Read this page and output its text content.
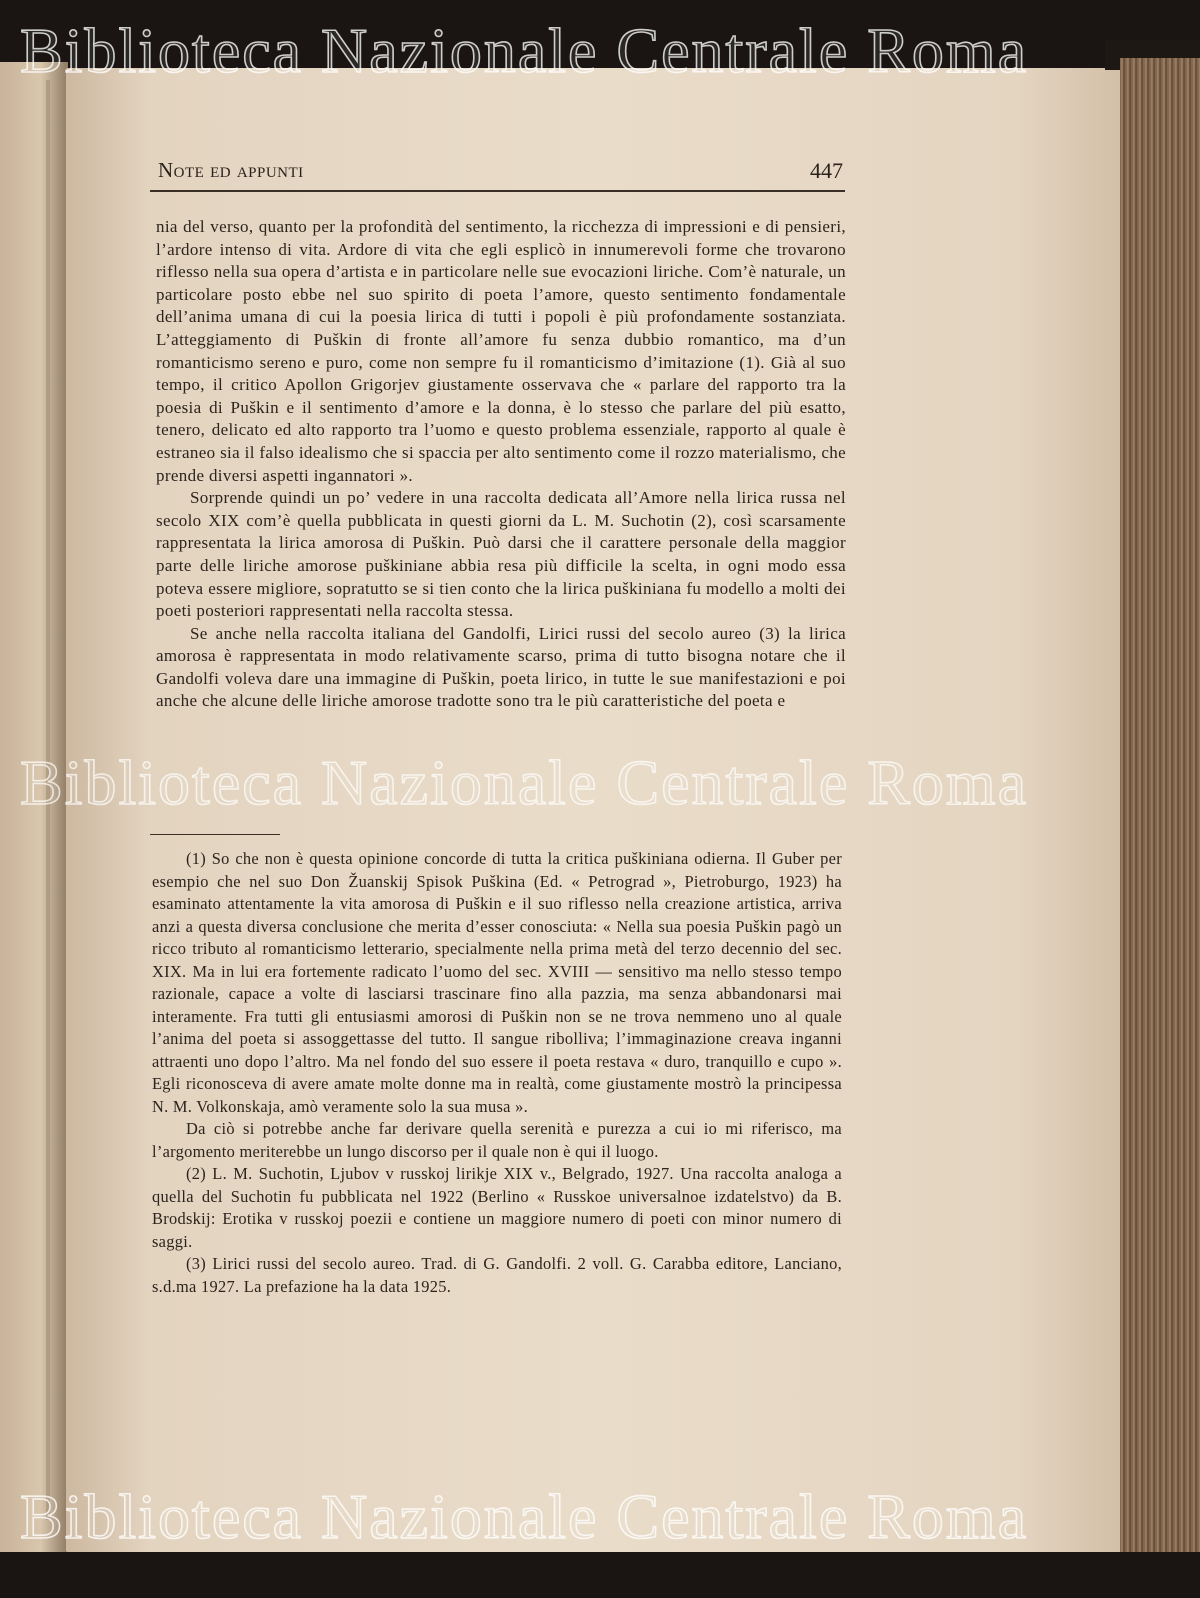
Note ed appunti	447

nia del verso, quanto per la profondità del sentimento, la ricchezza di impressioni e di pensieri, l’ardore intenso di vita. Ardore di vita che egli esplicò in innumerevoli forme che trovarono riflesso nella sua opera d’artista e in particolare nelle sue evocazioni liriche. Com’è naturale, un particolare posto ebbe nel suo spirito di poeta l’amore, questo sentimento fondamentale dell’anima umana di cui la poesia lirica di tutti i popoli è più profondamente sostanziata. L’atteggiamento di Puškin di fronte all’amore fu senza dubbio romantico, ma d’un romanticismo sereno e puro, come non sempre fu il romanticismo d’imitazione (1). Già al suo tempo, il critico Apollon Grigorjev giustamente osservava che « parlare del rapporto tra la poesia di Puškin e il sentimento d’amore e la donna, è lo stesso che parlare del più esatto, tenero, delicato ed alto rapporto tra l’uomo e questo problema essenziale, rapporto al quale è estraneo sia il falso idealismo che si spaccia per alto sentimento come il rozzo materialismo, che prende diversi aspetti ingannatori ».

Sorprende quindi un po’ vedere in una raccolta dedicata all’Amore nella lirica russa nel secolo XIX com’è quella pubblicata in questi giorni da L. M. Suchotin (2), così scarsamente rappresentata la lirica amorosa di Puškin. Può darsi che il carattere personale della maggior parte delle liriche amorose puškiniane abbia resa più difficile la scelta, in ogni modo essa poteva essere migliore, sopratutto se si tien conto che la lirica puškiniana fu modello a molti dei poeti posteriori rappresentati nella raccolta stessa.

Se anche nella raccolta italiana del Gandolfi, Lirici russi del secolo aureo (3) la lirica amorosa è rappresentata in modo relativamente scarso, prima di tutto bisogna notare che il Gandolfi voleva dare una immagine di Puškin, poeta lirico, in tutte le sue manifestazioni e poi anche che alcune delle liriche amorose tradotte sono tra le più caratteristiche del poeta e

(1) So che non è questa opinione concorde di tutta la critica puškiniana odierna. Il Guber per esempio che nel suo Don Žuanskij Spisok Puškina (Ed. « Petrograd », Pietroburgo, 1923) ha esaminato attentamente la vita amorosa di Puškin e il suo riflesso nella creazione artistica, arriva anzi a questa diversa conclusione che merita d’esser conosciuta: « Nella sua poesia Puškin pagò un ricco tributo al romanticismo letterario, specialmente nella prima metà del terzo decennio del sec. XIX. Ma in lui era fortemente radicato l’uomo del sec. XVIII — sensitivo ma nello stesso tempo razionale, capace a volte di lasciarsi trascinare fino alla pazzia, ma senza abbandonarsi mai interamente. Fra tutti gli entusiasmi amorosi di Puškin non se ne trova nemmeno uno al quale l’anima del poeta si assoggettasse del tutto. Il sangue ribolliva; l’immaginazione creava inganni attraenti uno dopo l’altro. Ma nel fondo del suo essere il poeta restava « duro, tranquillo e cupo ». Egli riconosceva di avere amate molte donne ma in realtà, come giustamente mostrò la principessa N. M. Volkonskaja, amò veramente solo la sua musa ».

Da ciò si potrebbe anche far derivare quella serenità e purezza a cui io mi riferisco, ma l’argomento meriterebbe un lungo discorso per il quale non è qui il luogo.

(2) L. M. Suchotin, Ljubov v russkoj lirikje XIX v., Belgrado, 1927. Una raccolta analoga a quella del Suchotin fu pubblicata nel 1922 (Berlino « Russkoe universalnoe izdatelstvo) da B. Brodskij: Erotika v russkoj poezii e contiene un maggiore numero di poeti con minor numero di saggi.

(3) Lirici russi del secolo aureo. Trad. di G. Gandolfi. 2 voll. G. Carabba editore, Lanciano, s.d.ma 1927. La prefazione ha la data 1925.

Biblioteca Nazionale Centrale Roma
Biblioteca Nazionale Centrale Roma
Biblioteca Nazionale Centrale Roma
